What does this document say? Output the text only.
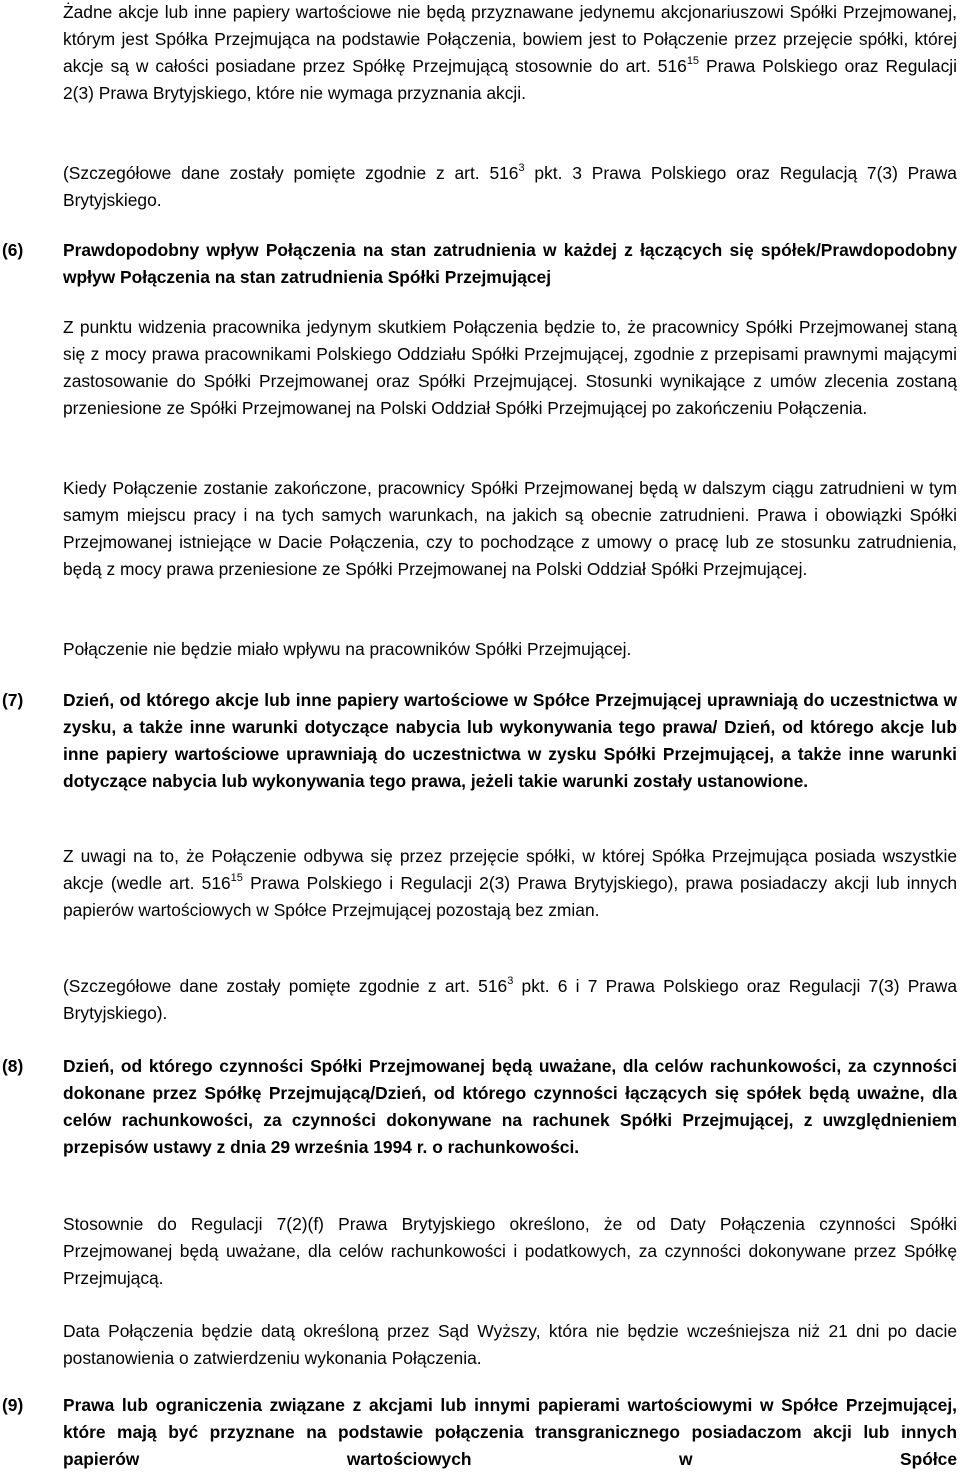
Żadne akcje lub inne papiery wartościowe nie będą przyznawane jedynemu akcjonariuszowi Spółki Przejmowanej, którym jest Spółka Przejmująca na podstawie Połączenia, bowiem jest to Połączenie przez przejęcie spółki, której akcje są w całości posiadane przez Spółkę Przejmującą stosownie do art. $516^{15}$ Prawa Polskiego oraz Regulacji 2(3) Prawa Brytyjskiego, które nie wymaga przyznania akcji.

(Szczegółowe dane zostały pomięte zgodnie z art. $516^3$ pkt. 3 Prawa Polskiego oraz Regulacją 7(3) Prawa Brytyjskiego.

(6) Prawdopodobny wpływ Połączenia na stan zatrudnienia w każdej z łączących się spółek/Prawdopodobny wpływ Połączenia na stan zatrudnienia Spółki Przejmującej

Z punktu widzenia pracownika jedynym skutkiem Połączenia będzie to, że pracownicy Spółki Przejmowanej staną się z mocy prawa pracownikami Polskiego Oddziału Spółki Przejmującej, zgodnie z przepisami prawnymi mającymi zastosowanie do Spółki Przejmowanej oraz Spółki Przejmującej. Stosunki wynikające z umów zlecenia zostaną przeniesione ze Spółki Przejmowanej na Polski Oddział Spółki Przejmującej po zakończeniu Połączenia.

Kiedy Połączenie zostanie zakończone, pracownicy Spółki Przejmowanej będą w dalszym ciągu zatrudnieni w tym samym miejscu pracy i na tych samych warunkach, na jakich są obecnie zatrudnieni. Prawa i obowiązki Spółki Przejmowanej istniejące w Dacie Połączenia, czy to pochodzące z umowy o pracę lub ze stosunku zatrudnienia, będą z mocy prawa przeniesione ze Spółki Przejmowanej na Polski Oddział Spółki Przejmującej.

Połączenie nie będzie miało wpływu na pracowników Spółki Przejmującej.

(7) Dzień, od którego akcje lub inne papiery wartościowe w Spółce Przejmującej uprawniają do uczestnictwa w zysku, a także inne warunki dotyczące nabycia lub wykonywania tego prawa/ Dzień, od którego akcje lub inne papiery wartościowe uprawniają do uczestnictwa w zysku Spółki Przejmującej, a także inne warunki dotyczące nabycia lub wykonywania tego prawa, jeżeli takie warunki zostały ustanowione.

Z uwagi na to, że Połączenie odbywa się przez przejęcie spółki, w której Spółka Przejmująca posiada wszystkie akcje (wedle art. $516^{15}$ Prawa Polskiego i Regulacji 2(3) Prawa Brytyjskiego), prawa posiadaczy akcji lub innych papierów wartościowych w Spółce Przejmującej pozostają bez zmian.

(Szczegółowe dane zostały pomięte zgodnie z art. $516^3$ pkt. 6 i 7 Prawa Polskiego oraz Regulacji 7(3) Prawa Brytyjskiego).

(8) Dzień, od którego czynności Spółki Przejmowanej będą uważane, dla celów rachunkowości, za czynności dokonane przez Spółkę Przejmującą/Dzień, od którego czynności łączących się spółek będą uważne, dla celów rachunkowości, za czynności dokonywane na rachunek Spółki Przejmującej, z uwzględnieniem przepisów ustawy z dnia 29 września 1994 r. o rachunkowości.

Stosownie do Regulacji 7(2)(f) Prawa Brytyjskiego określono, że od Daty Połączenia czynności Spółki Przejmowanej będą uważane, dla celów rachunkowości i podatkowych, za czynności dokonywane przez Spółkę Przejmującą.

Data Połączenia będzie datą określoną przez Sąd Wyższy, która nie będzie wcześniejsza niż 21 dni po dacie postanowienia o zatwierdzeniu wykonania Połączenia.

(9) Prawa lub ograniczenia związane z akcjami lub innymi papierami wartościowymi w Spółce Przejmującej, które mają być przyznane na podstawie połączenia transgranicznego posiadaczom akcji lub innych papierów wartościowych w Spółce
